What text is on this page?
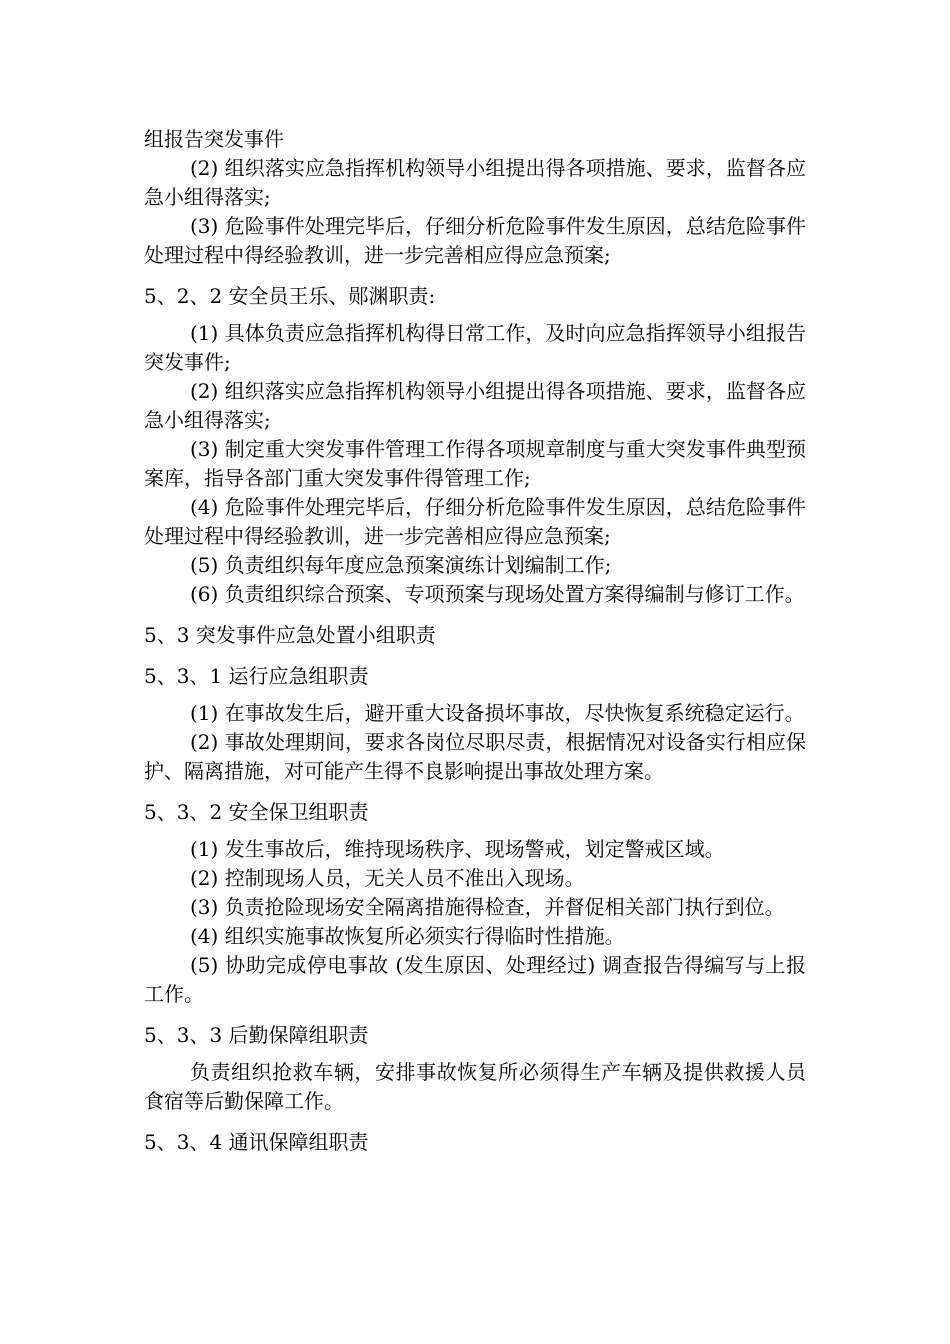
组报告突发事件

(2) 组织落实应急指挥机构领导小组提出得各项措施、要求，监督各应急小组得落实;

(3) 危险事件处理完毕后，仔细分析危险事件发生原因，总结危险事件处理过程中得经验教训，进一步完善相应得应急预案;

5、2、2 安全员王乐、郧渊职责:

(1) 具体负责应急指挥机构得日常工作，及时向应急指挥领导小组报告突发事件;

(2) 组织落实应急指挥机构领导小组提出得各项措施、要求，监督各应急小组得落实;

(3) 制定重大突发事件管理工作得各项规章制度与重大突发事件典型预案库，指导各部门重大突发事件得管理工作;

(4) 危险事件处理完毕后，仔细分析危险事件发生原因，总结危险事件处理过程中得经验教训，进一步完善相应得应急预案;

(5) 负责组织每年度应急预案演练计划编制工作;

(6) 负责组织综合预案、专项预案与现场处置方案得编制与修订工作。

5、3 突发事件应急处置小组职责

5、3、1 运行应急组职责

(1) 在事故发生后，避开重大设备损坏事故，尽快恢复系统稳定运行。

(2) 事故处理期间，要求各岗位尽职尽责，根据情况对设备实行相应保护、隔离措施，对可能产生得不良影响提出事故处理方案。

5、3、2 安全保卫组职责

(1) 发生事故后，维持现场秩序、现场警戒，划定警戒区域。

(2) 控制现场人员，无关人员不准出入现场。

(3) 负责抢险现场安全隔离措施得检查，并督促相关部门执行到位。

(4) 组织实施事故恢复所必须实行得临时性措施。

(5) 协助完成停电事故 (发生原因、处理经过) 调查报告得编写与上报工作。

5、3、3 后勤保障组职责

负责组织抢救车辆，安排事故恢复所必须得生产车辆及提供救援人员食宿等后勤保障工作。

5、3、4 通讯保障组职责
